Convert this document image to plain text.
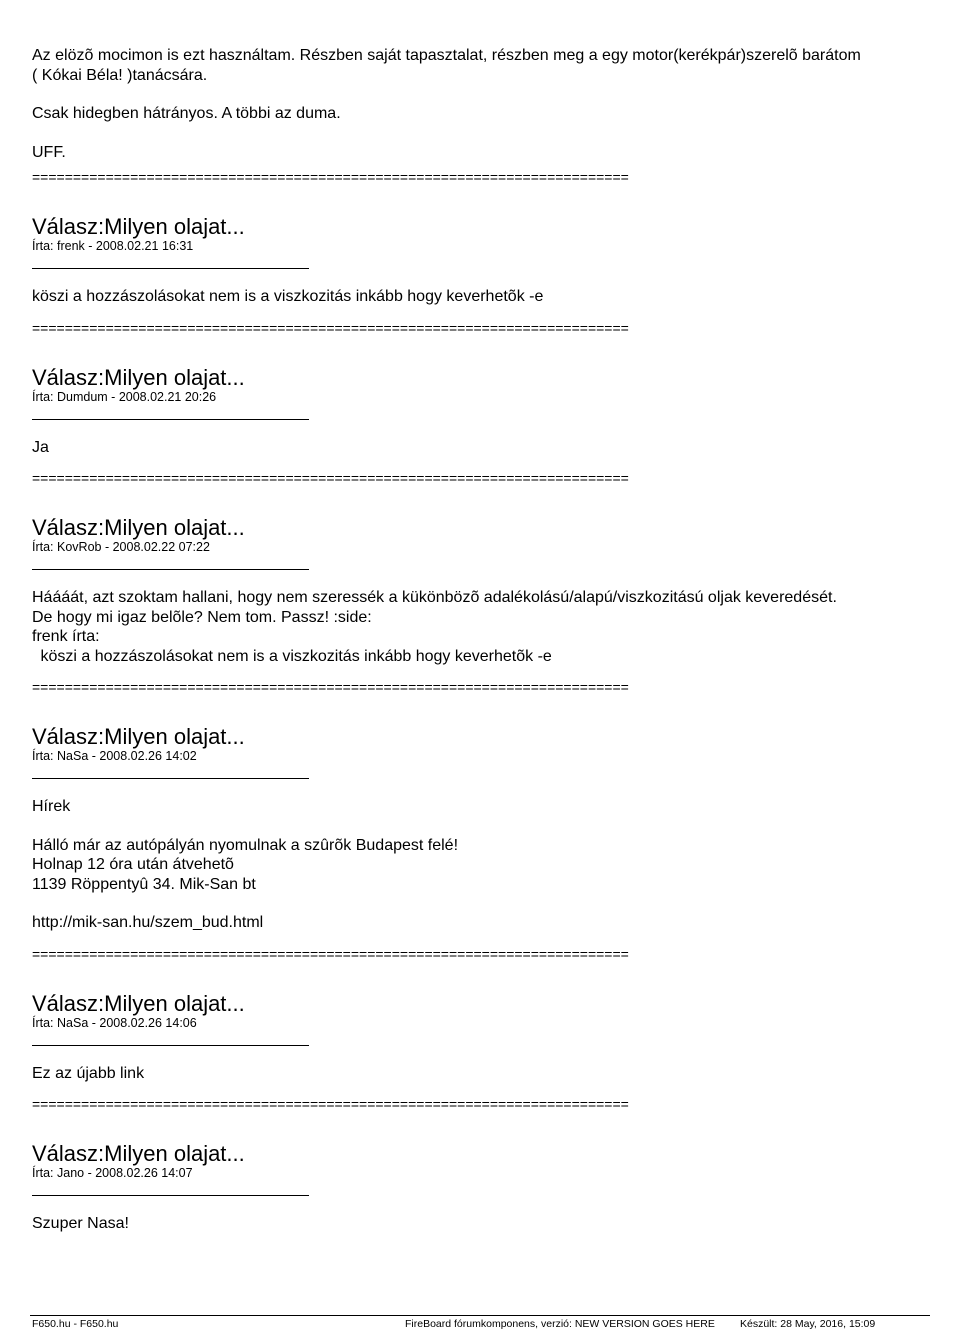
Az elözõ mocimon is ezt használtam. Részben saját tapasztalat, részben meg a egy motor(kerékpár)szerelõ barátom

( Kókai Béla! )tanácsára.

Csak hidegben hátrányos. A többi az duma.

UFF.

=========================================================================

Válasz:Milyen olajat...

Írta: frenk - 2008.02.21 16:31

köszi a hozzászolásokat nem is a viszkozitás inkább hogy keverhetõk -e

=========================================================================

Válasz:Milyen olajat...

Írta: Dumdum - 2008.02.21 20:26

Ja

=========================================================================

Válasz:Milyen olajat...

Írta: KovRob - 2008.02.22 07:22

Háááát, azt szoktam hallani, hogy nem szeressék a kükönbözõ adalékolású/alapú/viszkozitású oljak keveredését.

De hogy mi igaz belõle? Nem tom. Passz! :side:

frenk írta:

köszi a hozzászolásokat nem is a viszkozitás inkább hogy keverhetõk -e

=========================================================================

Válasz:Milyen olajat...

Írta: NaSa - 2008.02.26 14:02

Hírek

Hálló már az autópályán nyomulnak a szûrõk Budapest felé!

Holnap 12 óra után átvehetõ

1139 Röppentyû 34. Mik-San bt

http://mik-san.hu/szem_bud.html

=========================================================================

Válasz:Milyen olajat...

Írta: NaSa - 2008.02.26 14:06

Ez az újabb link

=========================================================================

Válasz:Milyen olajat...

Írta: Jano - 2008.02.26 14:07

Szuper Nasa!

F650.hu - F650.hu	FireBoard fórumkomponens, verzió: NEW VERSION GOES HERE Készült: 28 May, 2016, 15:09
